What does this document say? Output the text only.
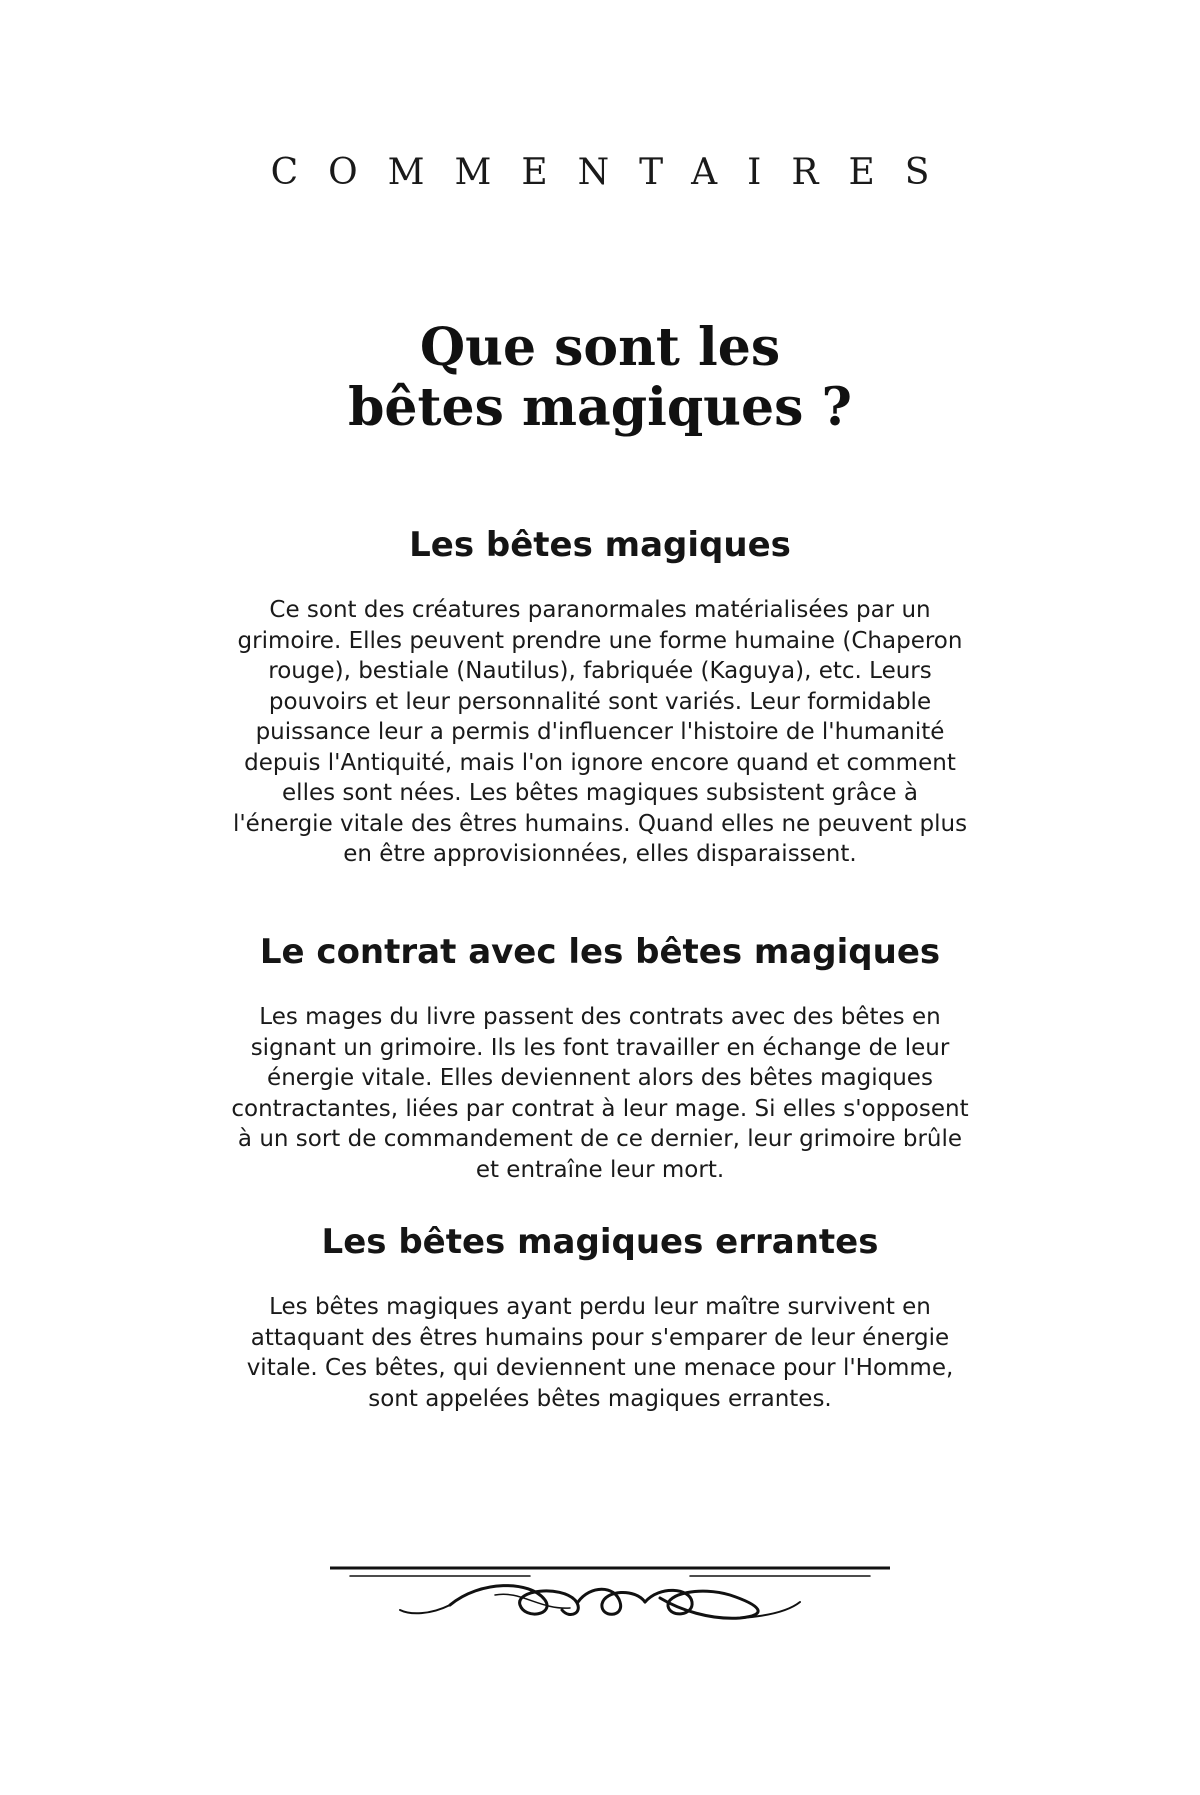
COMMENTAIRES
Que sont les
bêtes magiques ?
Les bêtes magiques

Ce sont des créatures paranormales matérialisées par un grimoire. Elles peuvent prendre une forme humaine (Chaperon rouge), bestiale (Nautilus), fabriquée (Kaguya), etc. Leurs pouvoirs et leur personnalité sont variés. Leur formidable puissance leur a permis d'influencer l'histoire de l'humanité depuis l'Antiquité, mais l'on ignore encore quand et comment elles sont nées. Les bêtes magiques subsistent grâce à l'énergie vitale des êtres humains. Quand elles ne peuvent plus en être approvisionnées, elles disparaissent.

Le contrat avec les bêtes magiques

Les mages du livre passent des contrats avec des bêtes en signant un grimoire. Ils les font travailler en échange de leur énergie vitale. Elles deviennent alors des bêtes magiques contractantes, liées par contrat à leur mage. Si elles s'opposent à un sort de commandement de ce dernier, leur grimoire brûle et entraîne leur mort.

Les bêtes magiques errantes

Les bêtes magiques ayant perdu leur maître survivent en attaquant des êtres humains pour s'emparer de leur énergie vitale. Ces bêtes, qui deviennent une menace pour l'Homme, sont appelées bêtes magiques errantes.
